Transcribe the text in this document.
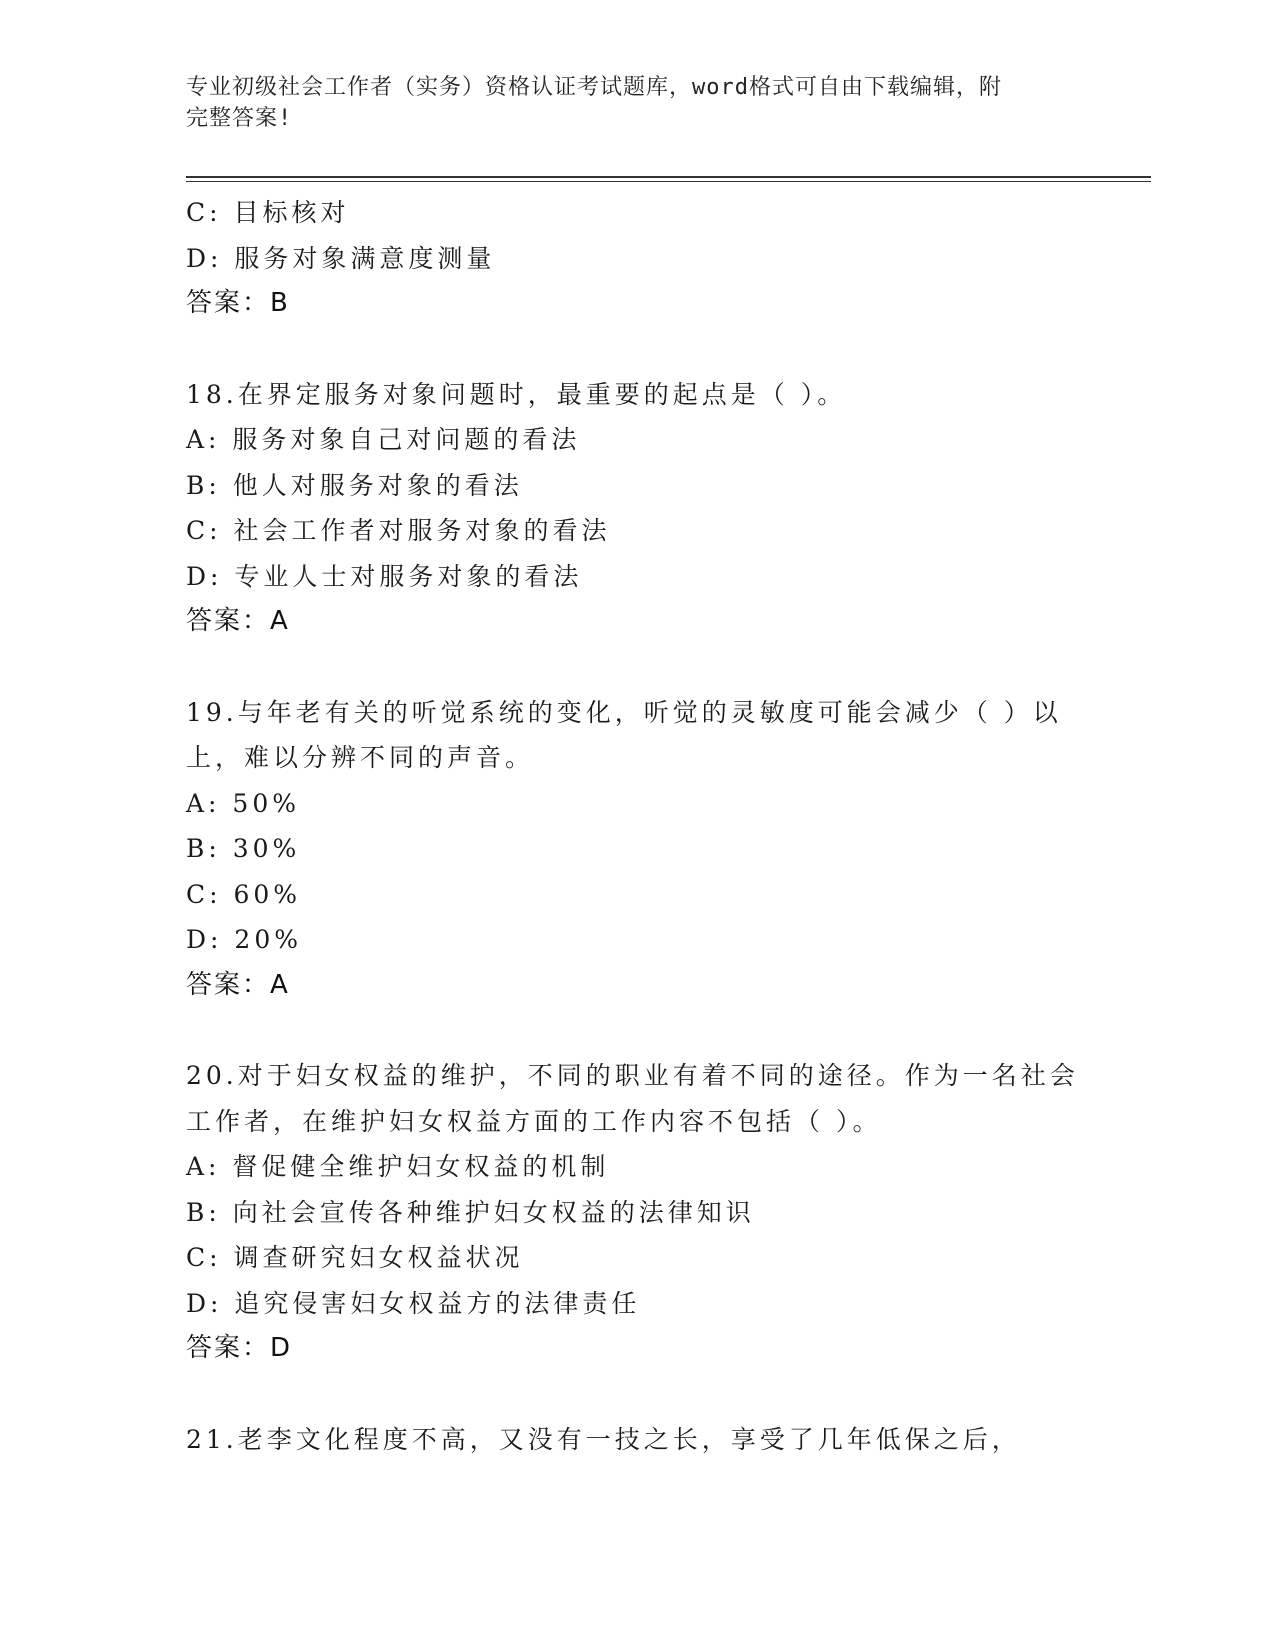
专业初级社会工作者（实务）资格认证考试题库，word格式可自由下载编辑，附
完整答案!
C: 目标核对
D: 服务对象满意度测量
答案：B
18.在界定服务对象问题时，最重要的起点是（ ）。
A: 服务对象自己对问题的看法
B: 他人对服务对象的看法
C: 社会工作者对服务对象的看法
D: 专业人士对服务对象的看法
答案：A
19.与年老有关的听觉系统的变化，听觉的灵敏度可能会减少（ ）以
上，难以分辨不同的声音。
A: 50%
B: 30%
C: 60%
D: 20%
答案：A
20.对于妇女权益的维护，不同的职业有着不同的途径。作为一名社会
工作者，在维护妇女权益方面的工作内容不包括（ ）。
A: 督促健全维护妇女权益的机制
B: 向社会宣传各种维护妇女权益的法律知识
C: 调查研究妇女权益状况
D: 追究侵害妇女权益方的法律责任
答案：D
21.老李文化程度不高，又没有一技之长，享受了几年低保之后，
